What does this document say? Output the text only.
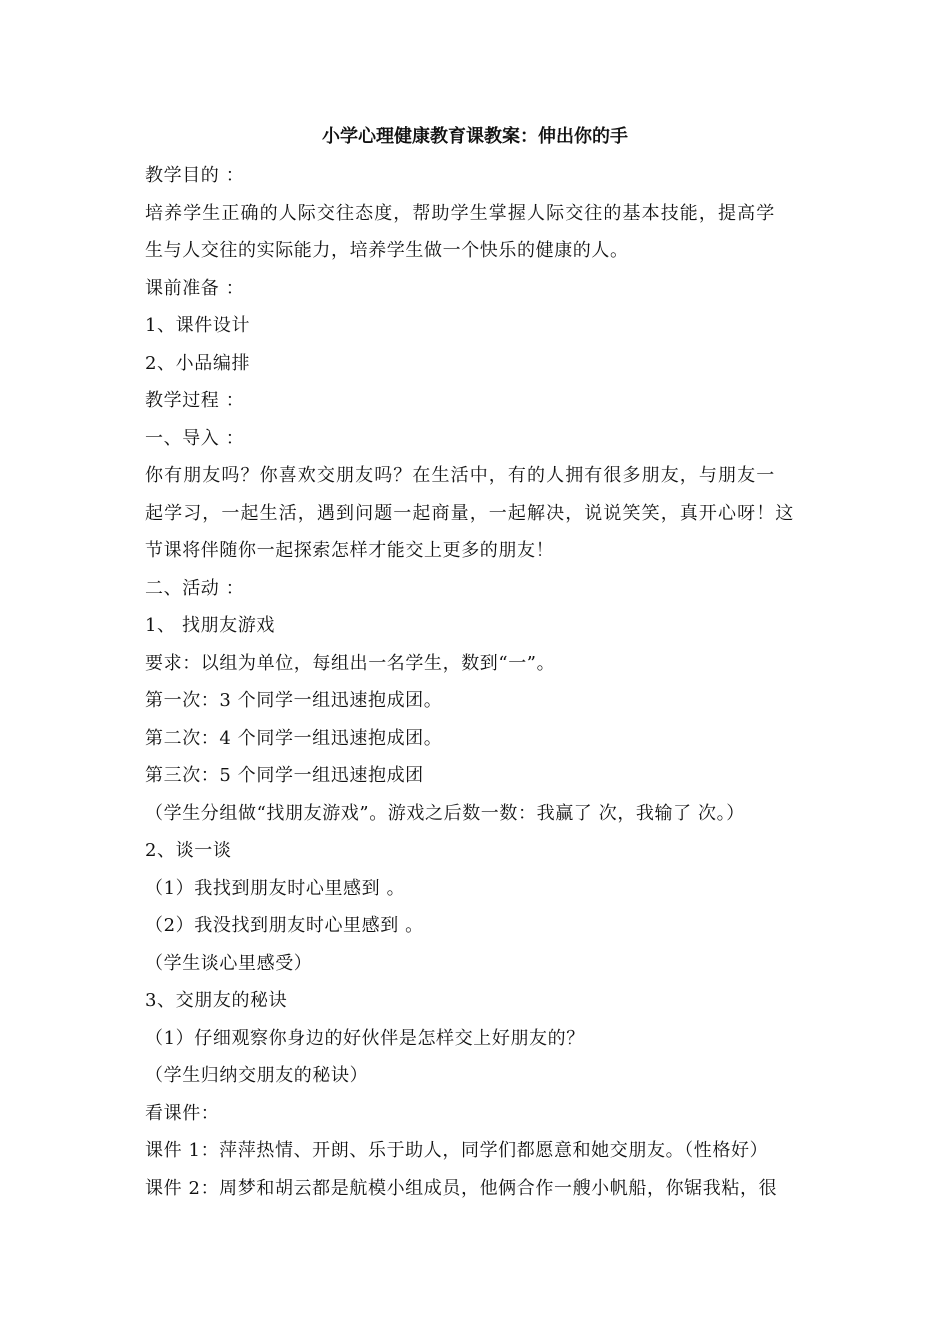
小学心理健康教育课教案：伸出你的手
教学目的 ：
培养学生正确的人际交往态度，帮助学生掌握人际交往的基本技能，提高学
生与人交往的实际能力，培养学生做一个快乐的健康的人。
课前准备 ：
1、课件设计
2、小品编排
教学过程 ：
一、导入 ：
你有朋友吗？你喜欢交朋友吗？在生活中，有的人拥有很多朋友，与朋友一
起学习，一起生活，遇到问题一起商量，一起解决，说说笑笑，真开心呀！这
节课将伴随你一起探索怎样才能交上更多的朋友！
二、活动 ：
1、 找朋友游戏
要求：以组为单位，每组出一名学生，数到“一”。
第一次：3 个同学一组迅速抱成团。
第二次：4 个同学一组迅速抱成团。
第三次：5 个同学一组迅速抱成团
（学生分组做“找朋友游戏”。游戏之后数一数：我赢了 次，我输了 次。）
2、谈一谈
（1）我找到朋友时心里感到 。
（2）我没找到朋友时心里感到 。
（学生谈心里感受）
3、交朋友的秘诀
（1）仔细观察你身边的好伙伴是怎样交上好朋友的？
（学生归纳交朋友的秘诀）
看课件：
课件 1：萍萍热情、开朗、乐于助人，同学们都愿意和她交朋友。（性格好）
课件 2：周梦和胡云都是航模小组成员，他俩合作一艘小帆船，你锯我粘，很
